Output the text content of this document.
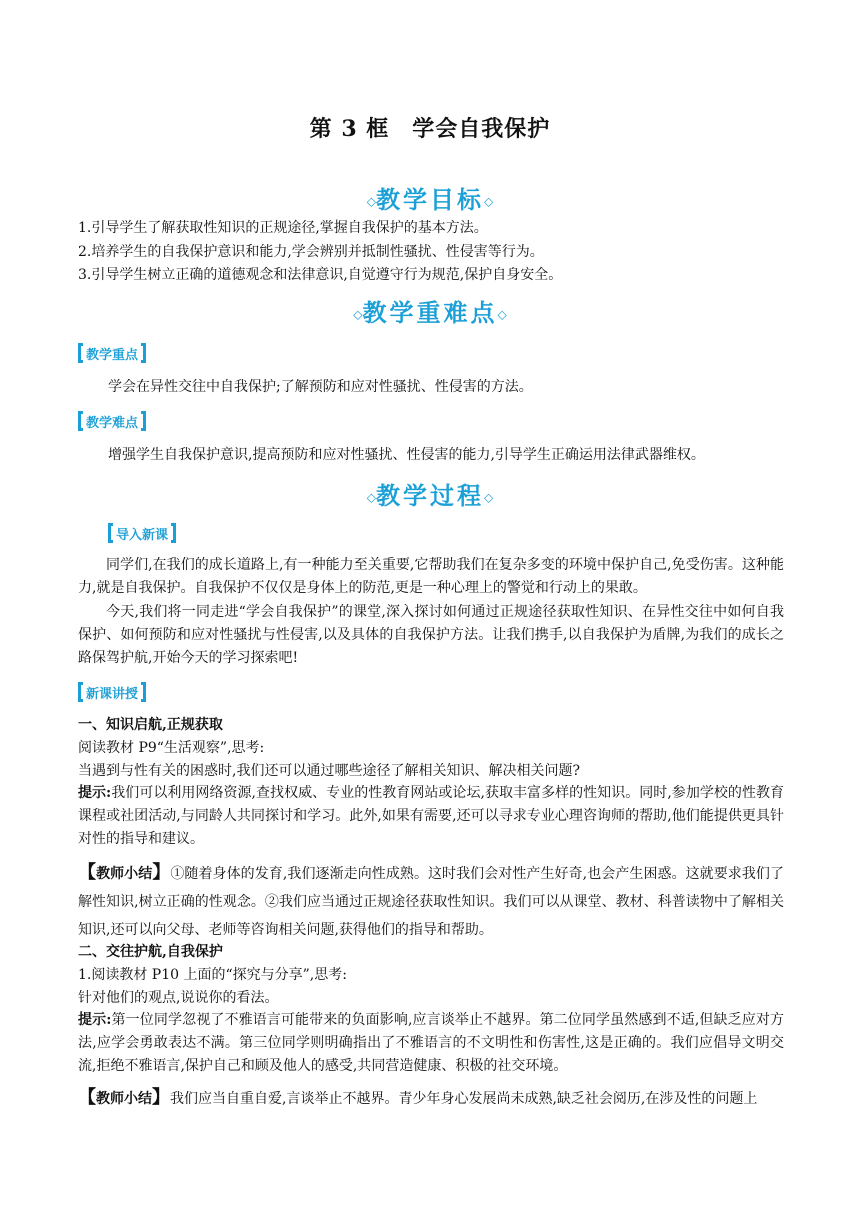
第 3 框　学会自我保护
◇教学目标◇
1.引导学生了解获取性知识的正规途径,掌握自我保护的基本方法。
2.培养学生的自我保护意识和能力,学会辨别并抵制性骚扰、性侵害等行为。
3.引导学生树立正确的道德观念和法律意识,自觉遵守行为规范,保护自身安全。
◇教学重难点◇
教学重点
学会在异性交往中自我保护;了解预防和应对性骚扰、性侵害的方法。
教学难点
增强学生自我保护意识,提高预防和应对性骚扰、性侵害的能力,引导学生正确运用法律武器维权。
◇教学过程◇
导入新课
同学们,在我们的成长道路上,有一种能力至关重要,它帮助我们在复杂多变的环境中保护自己,免受伤害。这种能力,就是自我保护。自我保护不仅仅是身体上的防范,更是一种心理上的警觉和行动上的果敢。
今天,我们将一同走进“学会自我保护”的课堂,深入探讨如何通过正规途径获取性知识、在异性交往中如何自我保护、如何预防和应对性骚扰与性侵害,以及具体的自我保护方法。让我们携手,以自我保护为盾牌,为我们的成长之路保驾护航,开始今天的学习探索吧!
新课讲授
一、知识启航,正规获取
阅读教材 P9“生活观察”,思考:
当遇到与性有关的困惑时,我们还可以通过哪些途径了解相关知识、解决相关问题?
提示:我们可以利用网络资源,查找权威、专业的性教育网站或论坛,获取丰富多样的性知识。同时,参加学校的性教育课程或社团活动,与同龄人共同探讨和学习。此外,如果有需要,还可以寻求专业心理咨询师的帮助,他们能提供更具针对性的指导和建议。
【教师小结】①随着身体的发育,我们逐渐走向性成熟。这时我们会对性产生好奇,也会产生困惑。这就要求我们了解性知识,树立正确的性观念。②我们应当通过正规途径获取性知识。我们可以从课堂、教材、科普读物中了解相关知识,还可以向父母、老师等咨询相关问题,获得他们的指导和帮助。
二、交往护航,自我保护
1.阅读教材 P10 上面的“探究与分享”,思考:
针对他们的观点,说说你的看法。
提示:第一位同学忽视了不雅语言可能带来的负面影响,应言谈举止不越界。第二位同学虽然感到不适,但缺乏应对方法,应学会勇敢表达不满。第三位同学则明确指出了不雅语言的不文明性和伤害性,这是正确的。我们应倡导文明交流,拒绝不雅语言,保护自己和顾及他人的感受,共同营造健康、积极的社交环境。
【教师小结】我们应当自重自爱,言谈举止不越界。青少年身心发展尚未成熟,缺乏社会阅历,在涉及性的问题上
